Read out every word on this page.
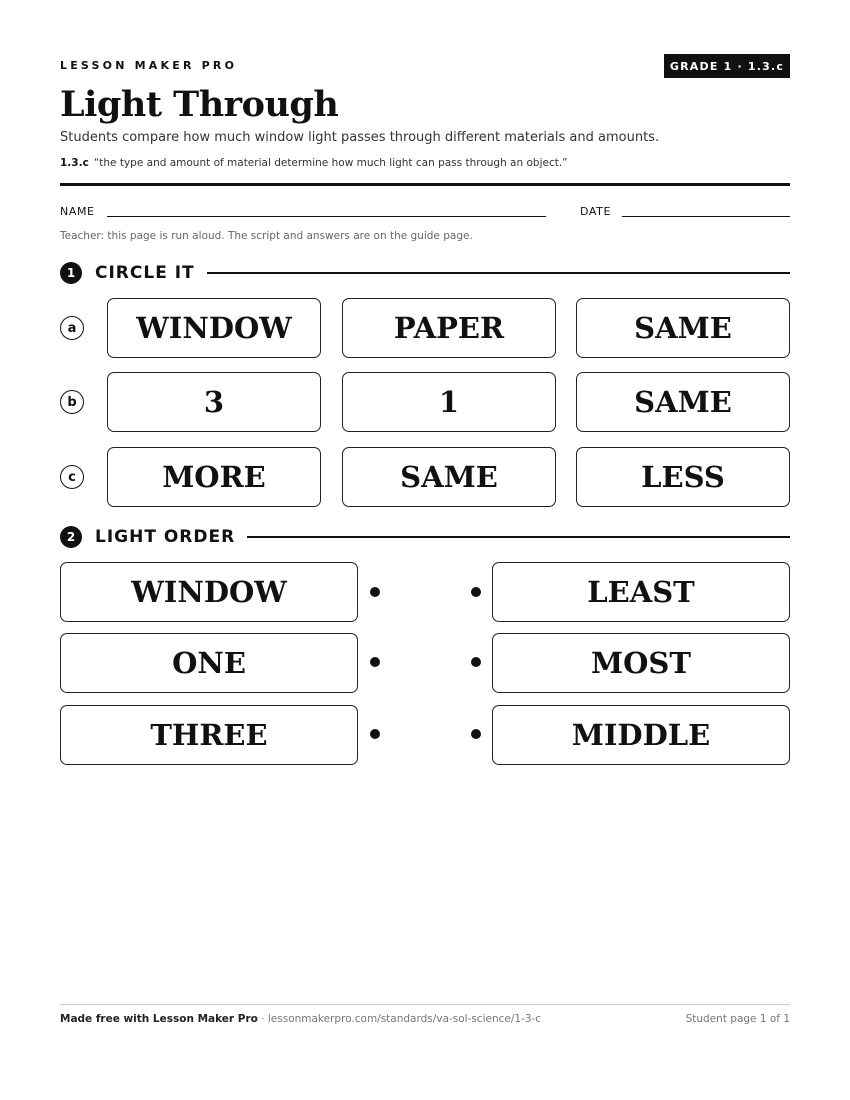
LESSON MAKER PRO	GRADE 1 · 1.3.c
Light Through
Students compare how much window light passes through different materials and amounts.
1.3.c “the type and amount of material determine how much light can pass through an object.”
NAME	DATE
Teacher: this page is run aloud. The script and answers are on the guide page.
1	CIRCLE IT
a	WINDOW	PAPER	SAME
b	3	1	SAME
c	MORE	SAME	LESS
2	LIGHT ORDER
WINDOW	LEAST
ONE	MOST
THREE	MIDDLE
Made free with Lesson Maker Pro · lessonmakerpro.com/standards/va-sol-science/1-3-c	Student page 1 of 1
